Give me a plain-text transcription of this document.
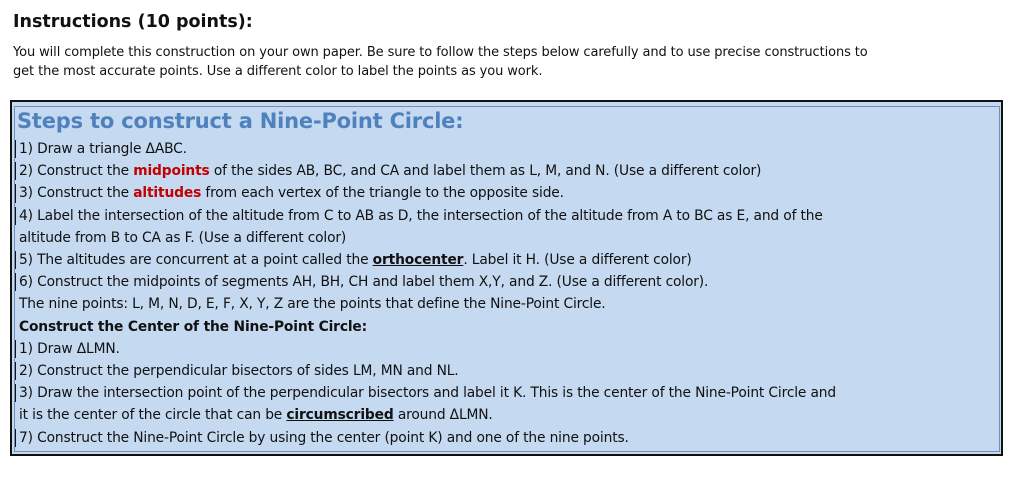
Instructions (10 points):
You will complete this construction on your own paper. Be sure to follow the steps below carefully and to use precise constructions to
get the most accurate points. Use a different color to label the points as you work.
Steps to construct a Nine-Point Circle:
1) Draw a triangle ΔABC.
2) Construct the midpoints of the sides AB, BC, and CA and label them as L, M, and N. (Use a different color)
3) Construct the altitudes from each vertex of the triangle to the opposite side.
4) Label the intersection of the altitude from C to AB as D, the intersection of the altitude from A to BC as E, and of the
altitude from B to CA as F. (Use a different color)
5) The altitudes are concurrent at a point called the orthocenter. Label it H. (Use a different color)
6) Construct the midpoints of segments AH, BH, CH and label them X,Y, and Z. (Use a different color).
The nine points: L, M, N, D, E, F, X, Y, Z are the points that define the Nine-Point Circle.
Construct the Center of the Nine-Point Circle:
1) Draw ΔLMN.
2) Construct the perpendicular bisectors of sides LM, MN and NL.
3) Draw the intersection point of the perpendicular bisectors and label it K. This is the center of the Nine-Point Circle and
it is the center of the circle that can be circumscribed around ΔLMN.
7) Construct the Nine-Point Circle by using the center (point K) and one of the nine points.
